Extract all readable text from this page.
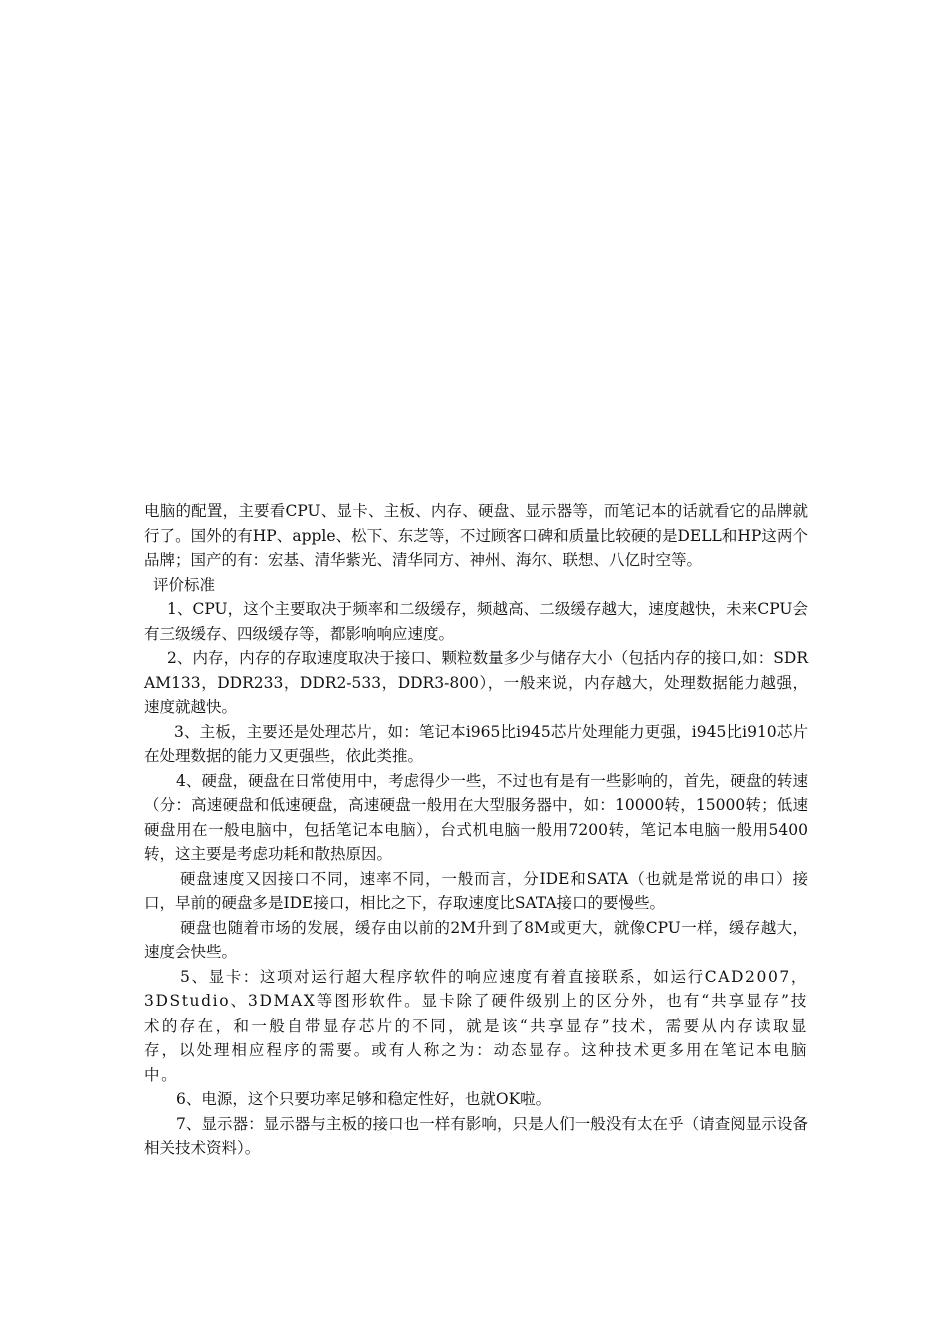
电脑的配置，主要看CPU、显卡、主板、内存、硬盘、显示器等，而笔记本的话就看它的品牌就行了。国外的有HP、apple、松下、东芝等，不过顾客口碑和质量比较硬的是DELL和HP这两个品牌；国产的有：宏基、清华紫光、清华同方、神州、海尔、联想、八亿时空等。

评价标准

1、CPU，这个主要取决于频率和二级缓存，频越高、二级缓存越大，速度越快，未来CPU会有三级缓存、四级缓存等，都影响响应速度。

2、内存，内存的存取速度取决于接口、颗粒数量多少与储存大小（包括内存的接口,如：SDRAM133，DDR233，DDR2-533，DDR3-800），一般来说，内存越大，处理数据能力越强，速度就越快。

3、主板，主要还是处理芯片，如：笔记本i965比i945芯片处理能力更强，i945比i910芯片在处理数据的能力又更强些，依此类推。

4、硬盘，硬盘在日常使用中，考虑得少一些，不过也有是有一些影响的，首先，硬盘的转速（分：高速硬盘和低速硬盘，高速硬盘一般用在大型服务器中，如：10000转，15000转；低速硬盘用在一般电脑中，包括笔记本电脑），台式机电脑一般用7200转，笔记本电脑一般用5400转，这主要是考虑功耗和散热原因。

硬盘速度又因接口不同，速率不同，一般而言，分IDE和SATA（也就是常说的串口）接口，早前的硬盘多是IDE接口，相比之下，存取速度比SATA接口的要慢些。

硬盘也随着市场的发展，缓存由以前的2M升到了8M或更大，就像CPU一样，缓存越大，速度会快些。

5、显卡：这项对运行超大程序软件的响应速度有着直接联系，如运行CAD2007，3DStudio、3DMAX等图形软件。显卡除了硬件级别上的区分外，也有“共享显存”技术的存在，和一般自带显存芯片的不同，就是该“共享显存”技术，需要从内存读取显存，以处理相应程序的需要。或有人称之为：动态显存。这种技术更多用在笔记本电脑中。

6、电源，这个只要功率足够和稳定性好，也就OK啦。

7、显示器：显示器与主板的接口也一样有影响，只是人们一般没有太在乎（请查阅显示设备相关技术资料）。
